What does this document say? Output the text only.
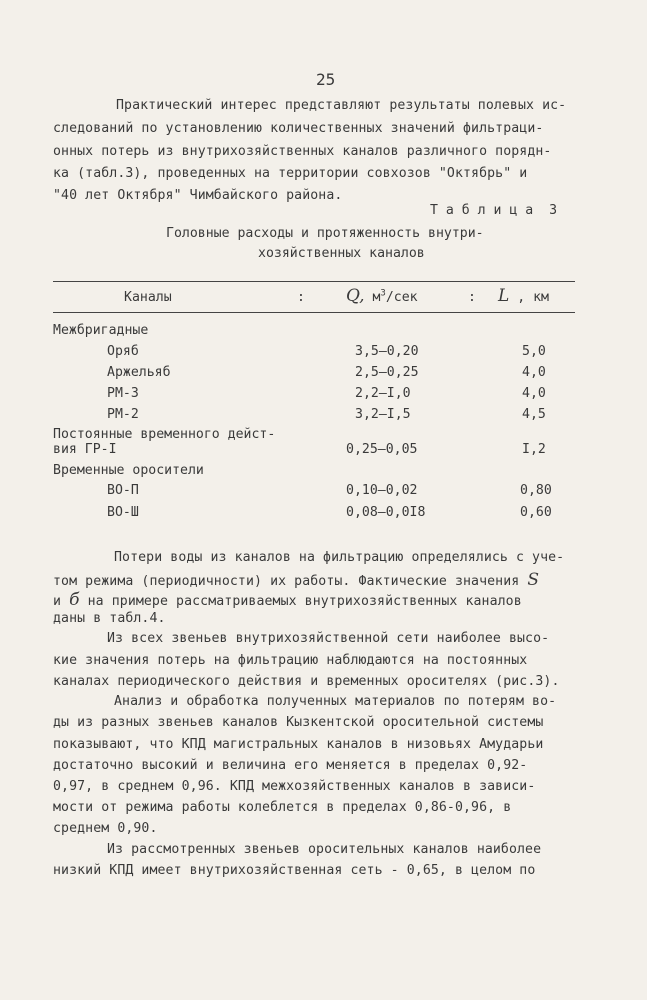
25
Практический интерес представляют результаты полевых ис-
следований по установлению количественных значений фильтраци-
онных потерь из внутрихозяйственных каналов различного порядн-
ка (табл.3), проведенных на территории совхозов "Октябрь" и
"40 лет Октября" Чимбайского района.
Т а б л и ц а  3
Головные расходы и протяженность внутри-
хозяйственных каналов
Каналы	: Q, $м^3$/сек	: L , км
Межбригадные
Оряб	3,5–0,20	5,0
Аржельяб	2,5–0,25	4,0
РМ-3	2,2–I,0	4,0
РМ-2	3,2–I,5	4,5
Постоянные временного дейст-
вия ГР-I	0,25–0,05	I,2
Временные оросители
ВО-П	0,10–0,02	0,80
ВО-Ш	0,08–0,0I8	0,60
Потери воды из каналов на фильтрацию определялись с уче-
том режима (периодичности) их работы. Фактические значения S
и б на примере рассматриваемых внутрихозяйственных каналов
даны в табл.4.
Из всех звеньев внутрихозяйственной сети наиболее высо-
кие значения потерь на фильтрацию наблюдаются на постоянных
каналах периодического действия и временных оросителях (рис.3).
Анализ и обработка полученных материалов по потерям во-
ды из разных звеньев каналов Кызкентской оросительной системы
показывают, что КПД магистральных каналов в низовьях Амударьи
достаточно высокий и величина его меняется в пределах 0,92-
0,97, в среднем 0,96. КПД межхозяйственных каналов в зависи-
мости от режима работы колеблется в пределах 0,86-0,96, в
среднем 0,90.
Из рассмотренных звеньев оросительных каналов наиболее
низкий КПД имеет внутрихозяйственная сеть - 0,65, в целом по
